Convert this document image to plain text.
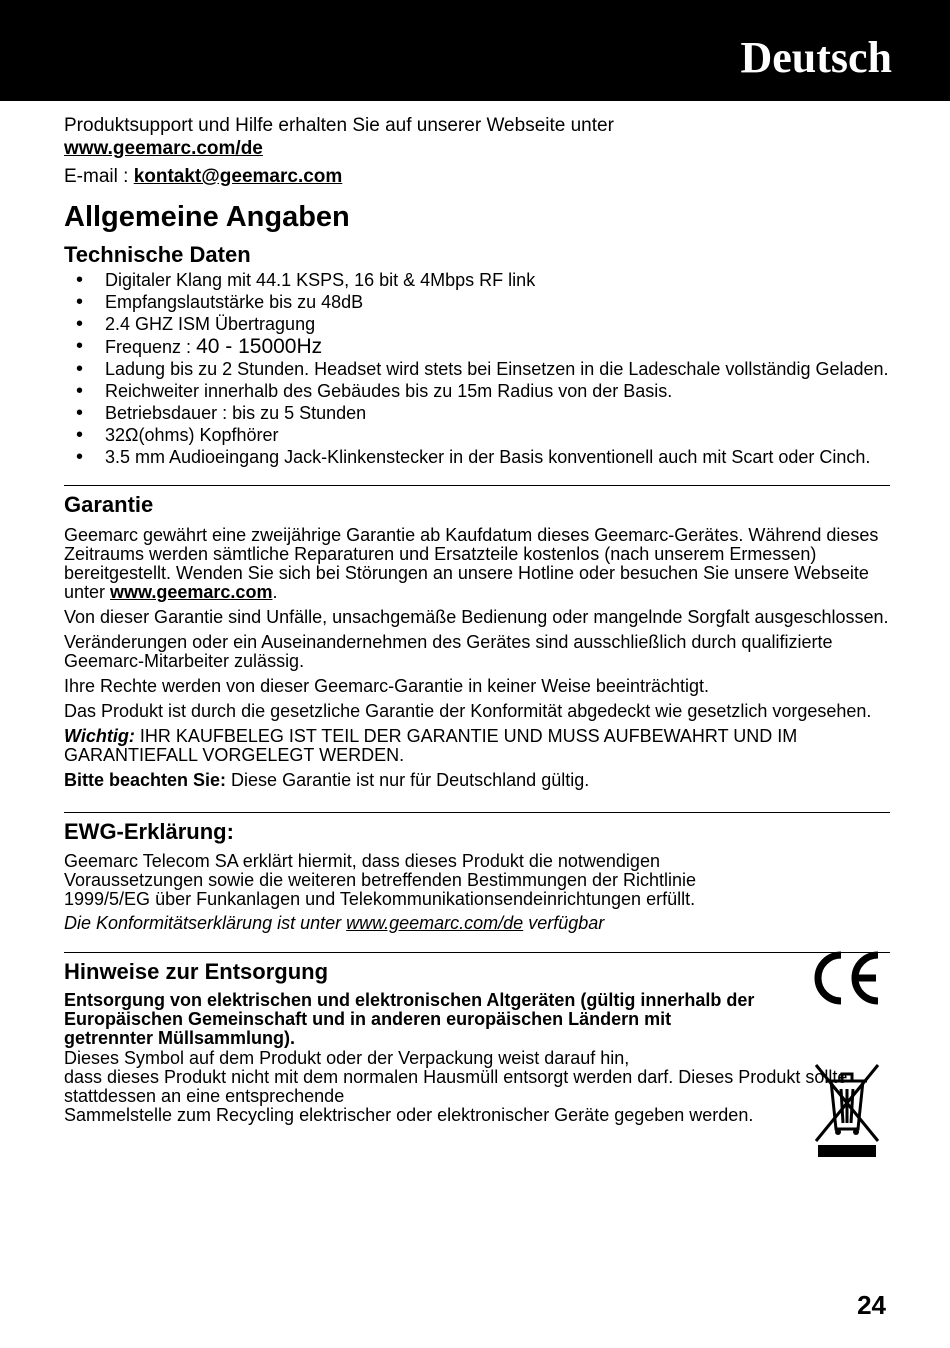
Deutsch

Produktsupport und Hilfe erhalten Sie auf unserer Webseite unter

www.geemarc.com/de

E-mail : kontakt@geemarc.com

Allgemeine Angaben
Technische Daten
• Digitaler Klang mit 44.1 KSPS, 16 bit & 4Mbps RF link
• Empfangslautstärke bis zu 48dB
• 2.4 GHZ ISM Übertragung
• Frequenz : 40 - 15000Hz
• Ladung bis zu 2 Stunden. Headset wird stets bei Einsetzen in die Ladeschale vollständig Geladen.
• Reichweiter innerhalb des Gebäudes bis zu 15m Radius von der Basis.
• Betriebsdauer : bis zu 5 Stunden
• 32Ω(ohms) Kopfhörer
• 3.5 mm Audioeingang Jack-Klinkenstecker in der Basis konventionell auch mit Scart oder Cinch.
Garantie

Geemarc gewährt eine zweijährige Garantie ab Kaufdatum dieses Geemarc-Gerätes. Während dieses Zeitraums werden sämtliche Reparaturen und Ersatzteile kostenlos (nach unserem Ermessen) bereitgestellt. Wenden Sie sich bei Störungen an unsere Hotline oder besuchen Sie unsere Webseite unter www.geemarc.com.

Von dieser Garantie sind Unfälle, unsachgemäße Bedienung oder mangelnde Sorgfalt ausgeschlossen.

Veränderungen oder ein Auseinandernehmen des Gerätes sind ausschließlich durch qualifizierte Geemarc-Mitarbeiter zulässig.

Ihre Rechte werden von dieser Geemarc-Garantie in keiner Weise beeinträchtigt.

Das Produkt ist durch die gesetzliche Garantie der Konformität abgedeckt wie gesetzlich vorgesehen.

Wichtig: IHR KAUFBELEG IST TEIL DER GARANTIE UND MUSS AUFBEWAHRT UND IM GARANTIEFALL VORGELEGT WERDEN.

Bitte beachten Sie: Diese Garantie ist nur für Deutschland gültig.

EWG-Erklärung:

Geemarc Telecom SA erklärt hiermit, dass dieses Produkt die notwendigen Voraussetzungen sowie die weiteren betreffenden Bestimmungen der Richtlinie 1999/5/EG über Funkanlagen und Telekommunikationsendeinrichtungen erfüllt.

Die Konformitätserklärung ist unter www.geemarc.com/de verfügbar

Hinweise zur Entsorgung

Entsorgung von elektrischen und elektronischen Altgeräten (gültig innerhalb der Europäischen Gemeinschaft und in anderen europäischen Ländern mit getrennter Müllsammlung).

Dieses Symbol auf dem Produkt oder der Verpackung weist darauf hin,

dass dieses Produkt nicht mit dem normalen Hausmüll entsorgt werden darf. Dieses Produkt sollte stattdessen an eine entsprechende

Sammelstelle zum Recycling elektrischer oder elektronischer Geräte gegeben werden.

24
